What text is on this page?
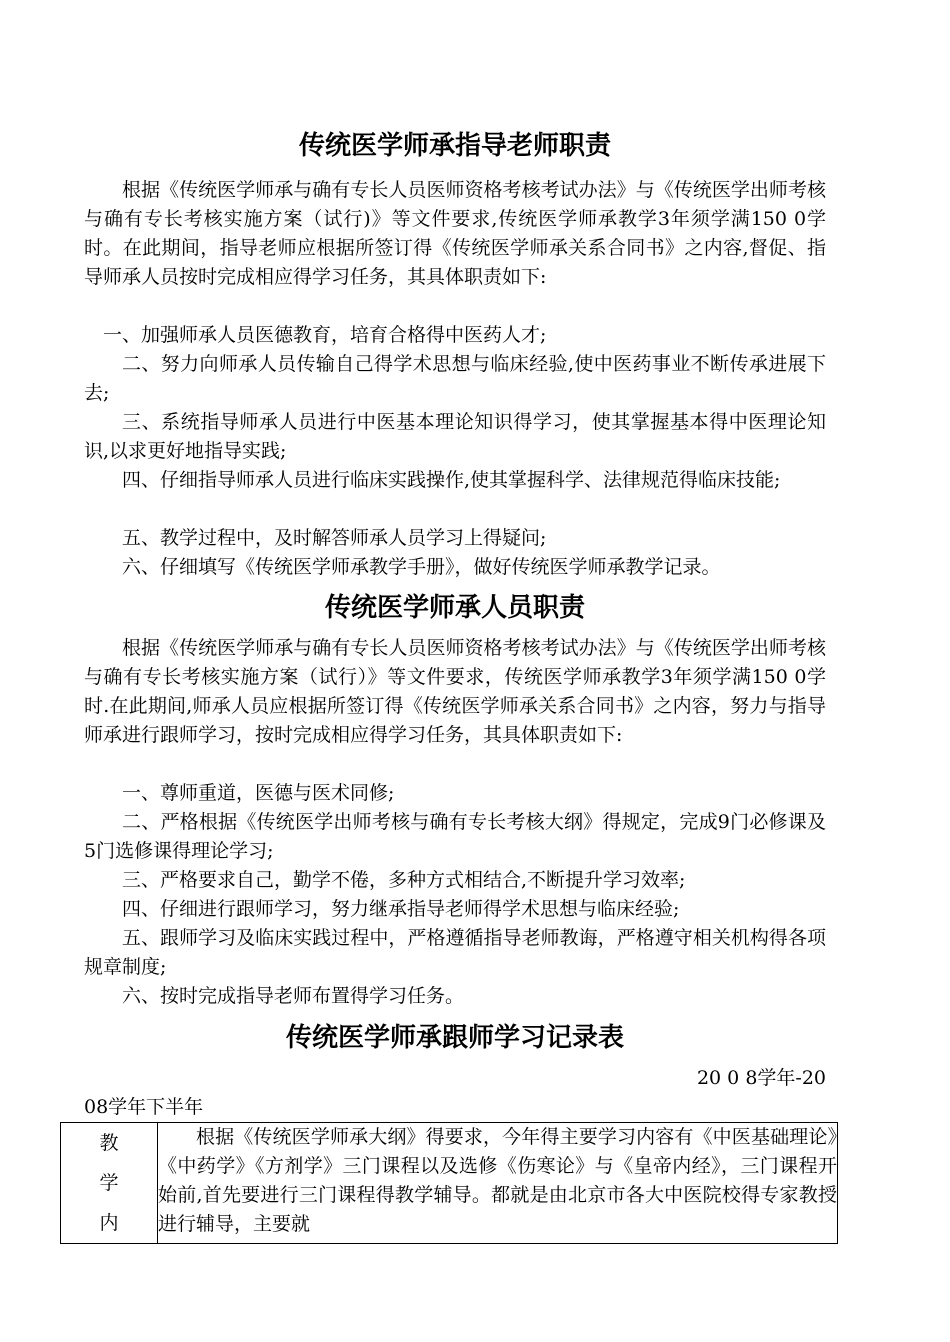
传统医学师承指导老师职责

根据《传统医学师承与确有专长人员医师资格考核考试办法》与《传统医学出师考核与确有专长考核实施方案（试行)》等文件要求,传统医学师承教学3年须学满150 0学时。在此期间，指导老师应根据所签订得《传统医学师承关系合同书》之内容,督促、指导师承人员按时完成相应得学习任务，其具体职责如下:

一、加强师承人员医德教育，培育合格得中医药人才;

二、努力向师承人员传输自己得学术思想与临床经验,使中医药事业不断传承进展下去;

三、系统指导师承人员进行中医基本理论知识得学习，使其掌握基本得中医理论知识,以求更好地指导实践;

四、仔细指导师承人员进行临床实践操作,使其掌握科学、法律规范得临床技能;

五、教学过程中，及时解答师承人员学习上得疑问;

六、仔细填写《传统医学师承教学手册》，做好传统医学师承教学记录。

传统医学师承人员职责

根据《传统医学师承与确有专长人员医师资格考核考试办法》与《传统医学出师考核与确有专长考核实施方案（试行）》等文件要求，传统医学师承教学3年须学满150 0学时.在此期间,师承人员应根据所签订得《传统医学师承关系合同书》之内容，努力与指导师承进行跟师学习，按时完成相应得学习任务，其具体职责如下:

一、尊师重道，医德与医术同修;

二、严格根据《传统医学出师考核与确有专长考核大纲》得规定，完成9门必修课及5门选修课得理论学习;

三、严格要求自己，勤学不倦，多种方式相结合,不断提升学习效率;

四、仔细进行跟师学习，努力继承指导老师得学术思想与临床经验;

五、跟师学习及临床实践过程中，严格遵循指导老师教诲，严格遵守相关机构得各项规章制度;

六、按时完成指导老师布置得学习任务。

传统医学师承跟师学习记录表

20 0 8学年-20

08学年下半年

教
学
内
	根据《传统医学师承大纲》得要求，今年得主要学习内容有《中医基础理论》《中药学》《方剂学》三门课程以及选修《伤寒论》与《皇帝内经》，三门课程开始前,首先要进行三门课程得教学辅导。都就是由北京市各大中医院校得专家教授进行辅导，主要就
